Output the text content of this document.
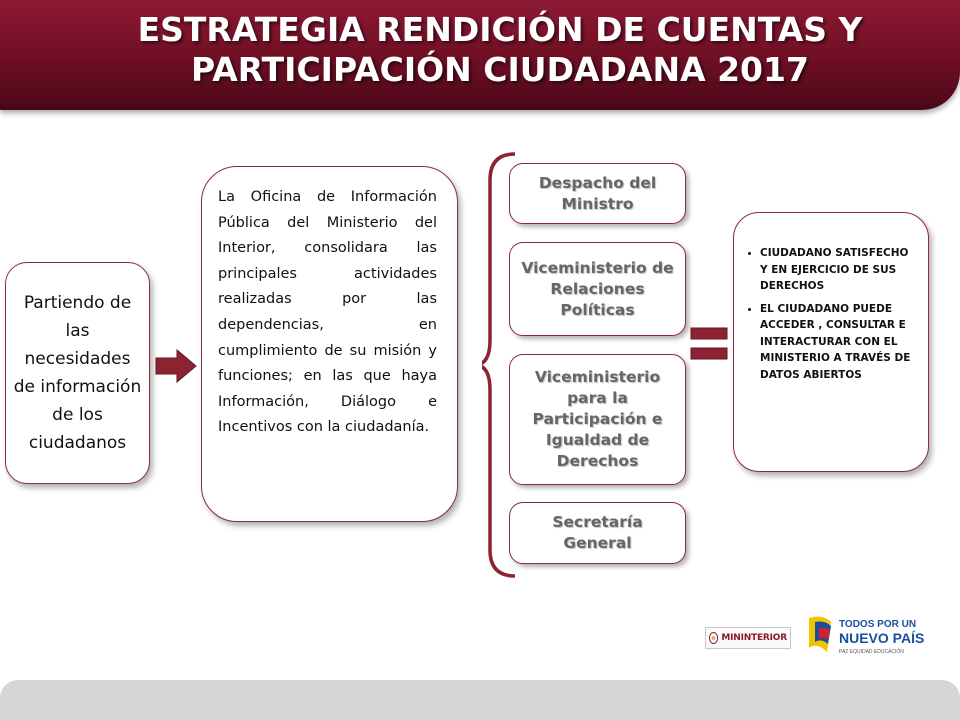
ESTRATEGIA RENDICIÓN DE CUENTAS Y PARTICIPACIÓN CIUDADANA 2017
Partiendo de las necesidades de información de los ciudadanos
La Oficina de Información Pública del Ministerio del Interior, consolidara las principales actividades realizadas por las dependencias, en cumplimiento de su misión y funciones; en las que haya Información, Diálogo e Incentivos con la ciudadanía.
Despacho del Ministro
Viceministerio de Relaciones Políticas
Viceministerio para la Participación e Igualdad de Derechos
Secretaría General
• CIUDADANO SATISFECHO Y EN EJERCICIO DE SUS DERECHOS
• EL CIUDADANO PUEDE ACCEDER , CONSULTAR E INTERACTURAR CON EL MINISTERIO A TRAVÉS DE DATOS ABIERTOS
MININTERIOR
TODOS POR UN
NUEVO PAÍS
PAZ EQUIDAD EDUCACIÓN
